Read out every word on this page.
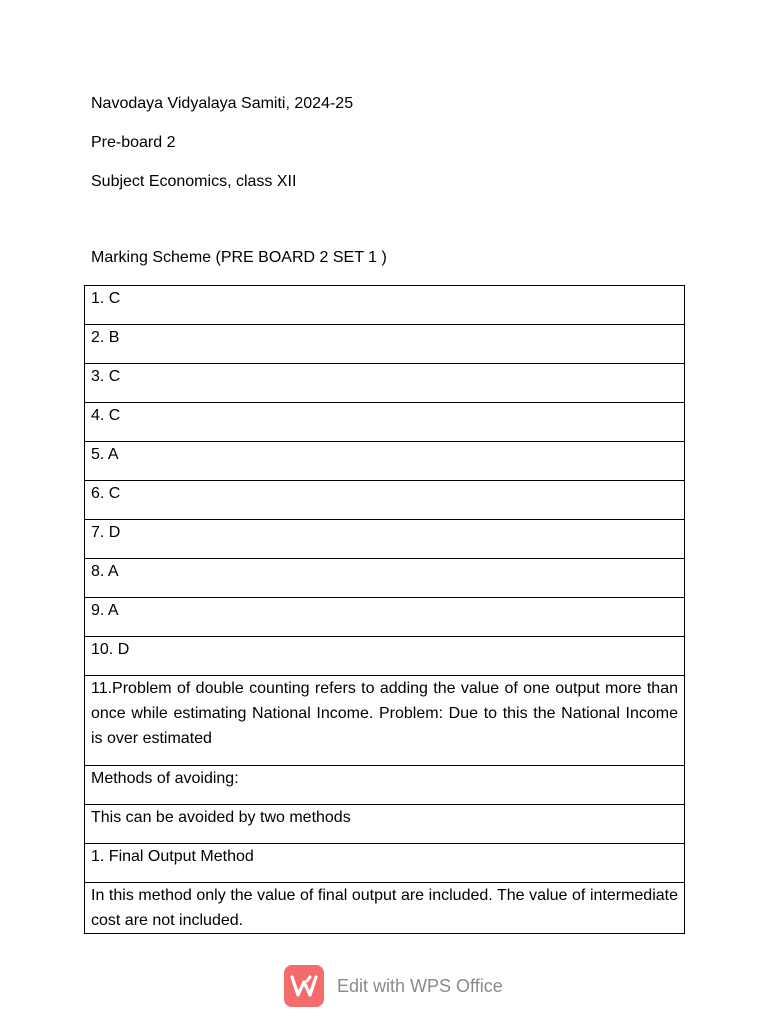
Navodaya Vidyalaya Samiti, 2024-25
Pre-board 2
Subject Economics, class XII
Marking Scheme (PRE BOARD 2 SET 1 )
1. C
2. B
3. C
4. C
5. A
6. C
7. D
8. A
9. A
10. D

11.Problem of double counting refers to adding the value of one output more than once while estimating National Income. Problem: Due to this the National Income is over estimated

Methods of avoiding:
This can be avoided by two methods
1. Final Output Method

In this method only the value of final output are included. The value of intermediate cost are not included.
Edit with WPS Office
